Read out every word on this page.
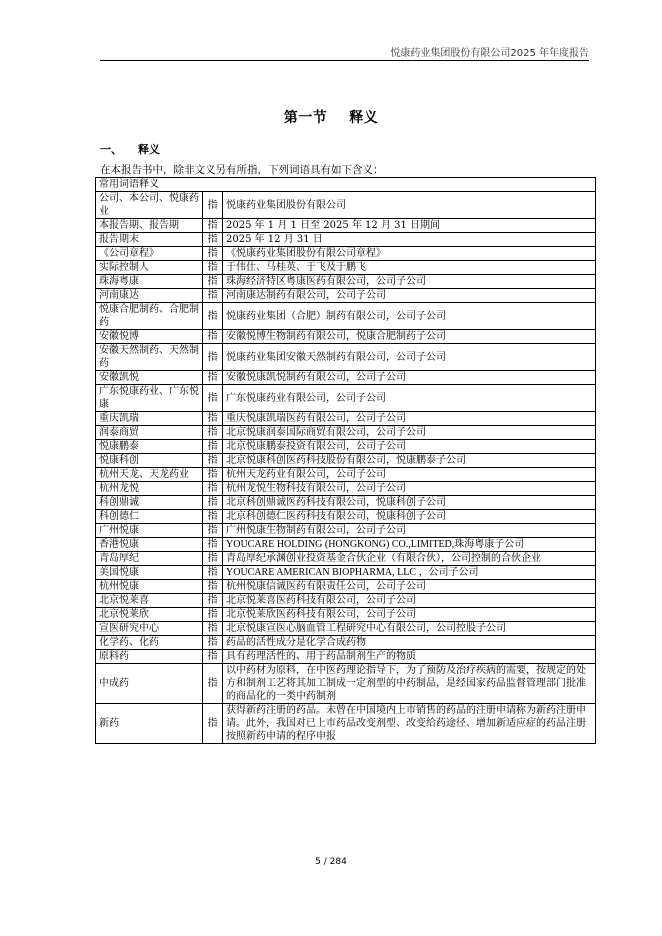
悦康药业集团股份有限公司2025 年年度报告
第一节 释义
一、 释义
在本报告书中，除非文义另有所指，下列词语具有如下含义：
常用词语释义		
公司、本公司、悦康药业	指	悦康药业集团股份有限公司
本报告期、报告期	指	2025 年 1 月 1 日至 2025 年 12 月 31 日期间
报告期末	指	2025 年 12 月 31 日
《公司章程》	指	《悦康药业集团股份有限公司章程》
实际控制人	指	于伟仕、马桂英、于飞及于鹏飞
珠海粤康	指	珠海经济特区粤康医药有限公司，公司子公司
河南康达	指	河南康达制药有限公司，公司子公司
悦康合肥制药、合肥制药	指	悦康药业集团（合肥）制药有限公司，公司子公司
安徽悦博	指	安徽悦博生物制药有限公司，悦康合肥制药子公司
安徽天然制药、天然制药	指	悦康药业集团安徽天然制药有限公司，公司子公司
安徽凯悦	指	安徽悦康凯悦制药有限公司，公司子公司
广东悦康药业、广东悦康	指	广东悦康药业有限公司，公司子公司
重庆凯瑞	指	重庆悦康凯瑞医药有限公司，公司子公司
润泰商贸	指	北京悦康润泰国际商贸有限公司，公司子公司
悦康鹏泰	指	北京悦康鹏泰投资有限公司，公司子公司
悦康科创	指	北京悦康科创医药科技股份有限公司，悦康鹏泰子公司
杭州天龙、天龙药业	指	杭州天龙药业有限公司，公司子公司
杭州龙悦	指	杭州龙悦生物科技有限公司，公司子公司
科创鼎诚	指	北京科创鼎诚医药科技有限公司，悦康科创子公司
科创德仁	指	北京科创德仁医药科技有限公司，悦康科创子公司
广州悦康	指	广州悦康生物制药有限公司，公司子公司
香港悦康	指	YOUCARE HOLDING (HONGKONG) CO.,LIMITED,珠海粤康子公司
青岛厚纪	指	青岛厚纪承渊创业投资基金合伙企业（有限合伙），公司控制的合伙企业
美国悦康	指	YOUCARE AMERICAN BIOPHARMA, LLC ，公司子公司
杭州悦康	指	杭州悦康信诚医药有限责任公司，公司子公司
北京悦莱喜	指	北京悦莱喜医药科技有限公司，公司子公司
北京悦莱欣	指	北京悦莱欣医药科技有限公司，公司子公司
宣医研究中心	指	北京悦康宣医心脑血管工程研究中心有限公司，公司控股子公司
化学药、化药	指	药品的活性成分是化学合成药物
原料药	指	具有药理活性的、用于药品制剂生产的物质
中成药	指	以中药材为原料，在中医药理论指导下，为了预防及治疗疾病的需要，按规定的处方和制剂工艺将其加工制成一定剂型的中药制品，是经国家药品监督管理部门批准的商品化的一类中药制剂
新药	指	获得新药注册的药品。未曾在中国境内上市销售的药品的注册申请称为新药注册申请。此外，我国对已上市药品改变剂型、改变给药途径、增加新适应症的药品注册按照新药申请的程序申报
5 / 284
